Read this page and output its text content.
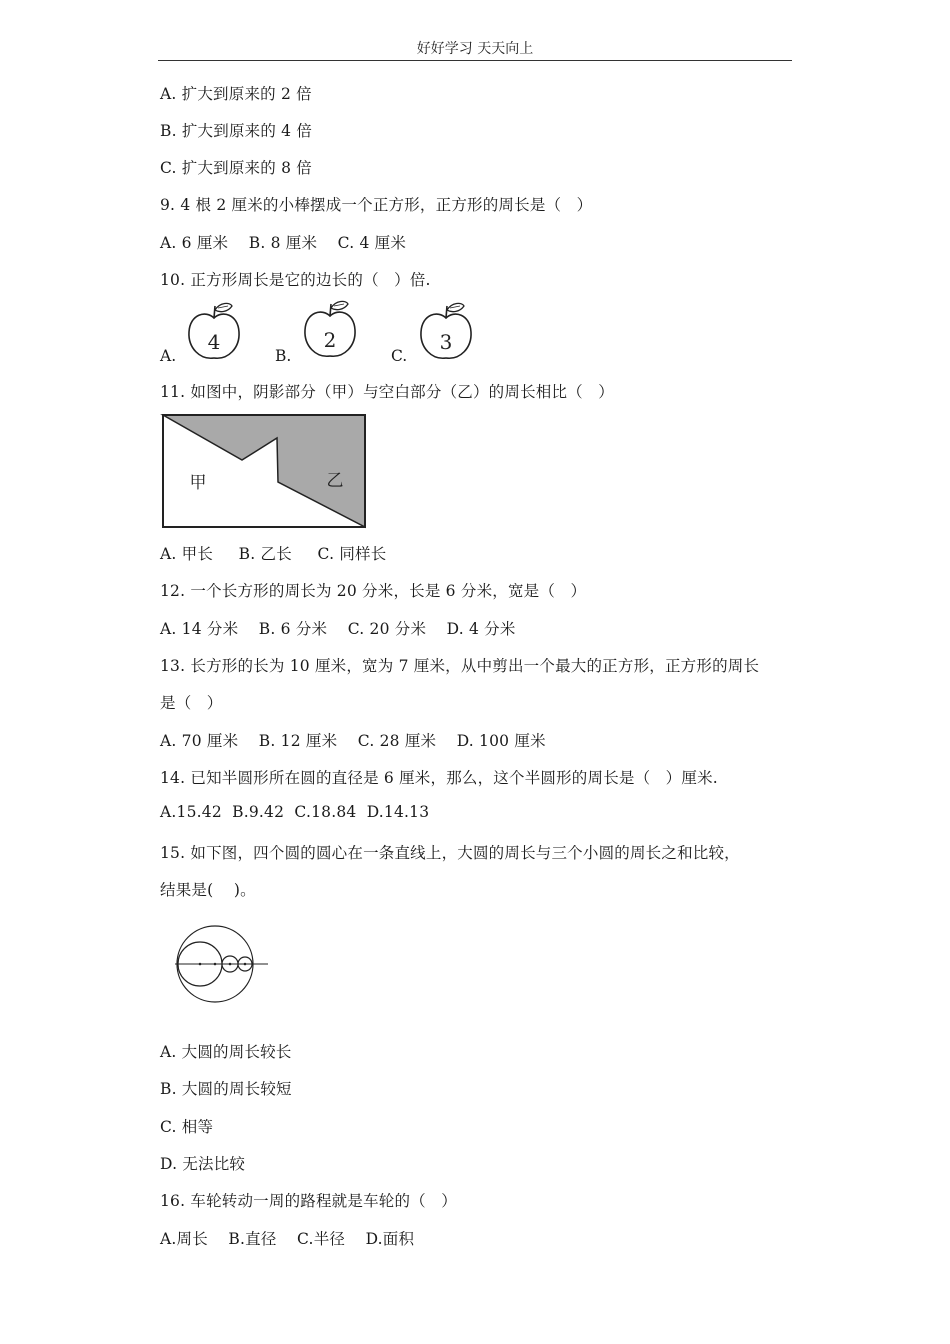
好好学习 天天向上
A. 扩大到原来的 2 倍
B. 扩大到原来的 4 倍
C. 扩大到原来的 8 倍
9. 4 根 2 厘米的小棒摆成一个正方形，正方形的周长是（   ）
A. 6 厘米    B. 8 厘米    C. 4 厘米
10. 正方形周长是它的边长的（   ）倍.
A.
4
B.
2
C.
3
11. 如图中，阴影部分（甲）与空白部分（乙）的周长相比（   ）
甲	乙
A. 甲长     B. 乙长     C. 同样长
12. 一个长方形的周长为 20 分米，长是 6 分米，宽是（   ）
A. 14 分米    B. 6 分米    C. 20 分米    D. 4 分米
13. 长方形的长为 10 厘米，宽为 7 厘米，从中剪出一个最大的正方形，正方形的周长
是（   ）
A. 70 厘米    B. 12 厘米    C. 28 厘米    D. 100 厘米
14. 已知半圆形所在圆的直径是 6 厘米，那么，这个半圆形的周长是（   ）厘米.
A.15.42  B.9.42  C.18.84  D.14.13
15. 如下图，四个圆的圆心在一条直线上，大圆的周长与三个小圆的周长之和比较，
结果是(    )。
A. 大圆的周长较长
B. 大圆的周长较短
C. 相等
D. 无法比较
16. 车轮转动一周的路程就是车轮的（   ）
A.周长    B.直径    C.半径    D.面积
